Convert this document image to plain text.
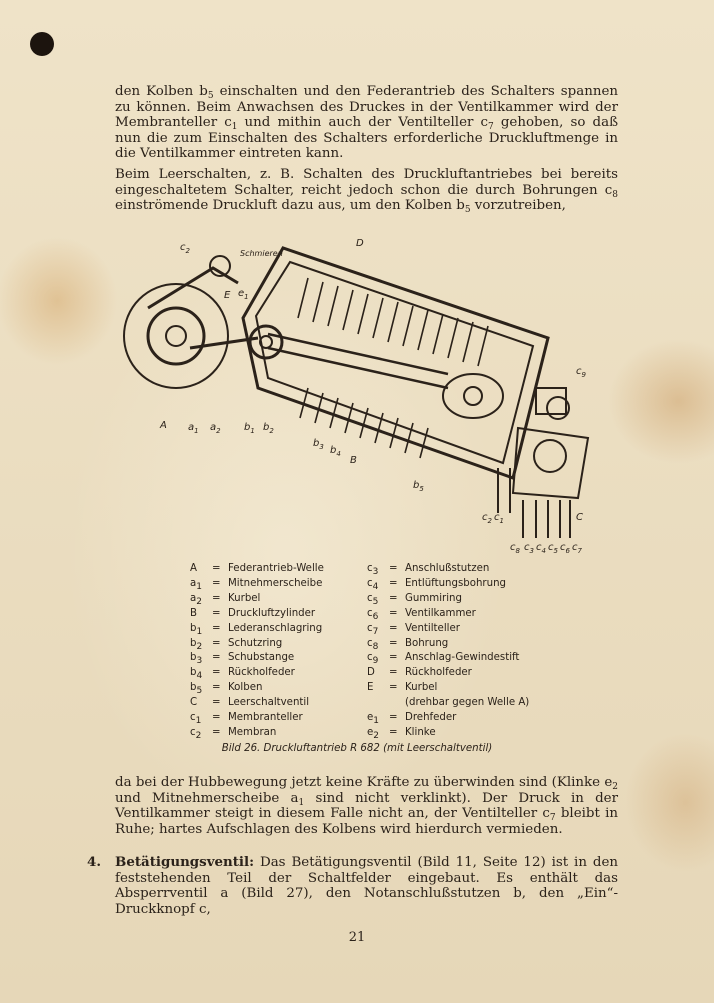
den Kolben $b_5$ einschalten und den Federantrieb des Schalters spannen zu können. Beim Anwachsen des Druckes in der Ventilkammer wird der Membranteller $c_1$ und mithin auch der Ventilteller $c_7$ gehoben, so daß nun die zum Einschalten des Schalters erforderliche Druckluftmenge in die Ventilkammer eintreten kann.

Beim Leerschalten, z. B. Schalten des Druckluftantriebes bei bereits eingeschaltetem Schalter, reicht jedoch schon die durch Bohrungen $c_8$ einströmende Druckluft dazu aus, um den Kolben $b_5$ vorzutreiben,

Schmieren
A $a_1$ $a_2$ $b_1$ $b_2$
$b_3$ $b_4$
B
$b_5$
$c_2$
E $e_1$
D
$c_9$
C
$c_2$ $c_1$
$c_8$ $c_3$ $c_4$ $c_5$ $c_6$ $c_7$
A = Federantrieb-Welle
$a_1$ = Mitnehmerscheibe
$a_2$ = Kurbel
B = Druckluftzylinder
$b_1$ = Lederanschlagring
$b_2$ = Schutzring
$b_3$ = Schubstange
$b_4$ = Rückholfeder
$b_5$ = Kolben
C = Leerschaltventil
$c_1$ = Membranteller
$c_2$ = Membran
$c_3$ = Anschlußstutzen
$c_4$ = Entlüftungsbohrung
$c_5$ = Gummiring
$c_6$ = Ventilkammer
$c_7$ = Ventilteller
$c_8$ = Bohrung
$c_9$ = Anschlag-Gewindestift
D = Rückholfeder
E = Kurbel
(drehbar gegen Welle A)
$e_1$ = Drehfeder
$e_2$ = Klinke
Bild 26. Druckluftantrieb R 682 (mit Leerschaltventil)

da bei der Hubbewegung jetzt keine Kräfte zu überwinden sind (Klinke $e_2$ und Mitnehmerscheibe $a_1$ sind nicht verklinkt). Der Druck in der Ventilkammer steigt in diesem Falle nicht an, der Ventilteller $c_7$ bleibt in Ruhe; hartes Aufschlagen des Kolbens wird hierdurch vermieden.

4. Betätigungsventil: Das Betätigungsventil (Bild 11, Seite 12) ist in den feststehenden Teil der Schaltfelder eingebaut. Es enthält das Absperrventil a (Bild 27), den Notanschlußstutzen b, den „Ein“-Druckknopf c,

21
